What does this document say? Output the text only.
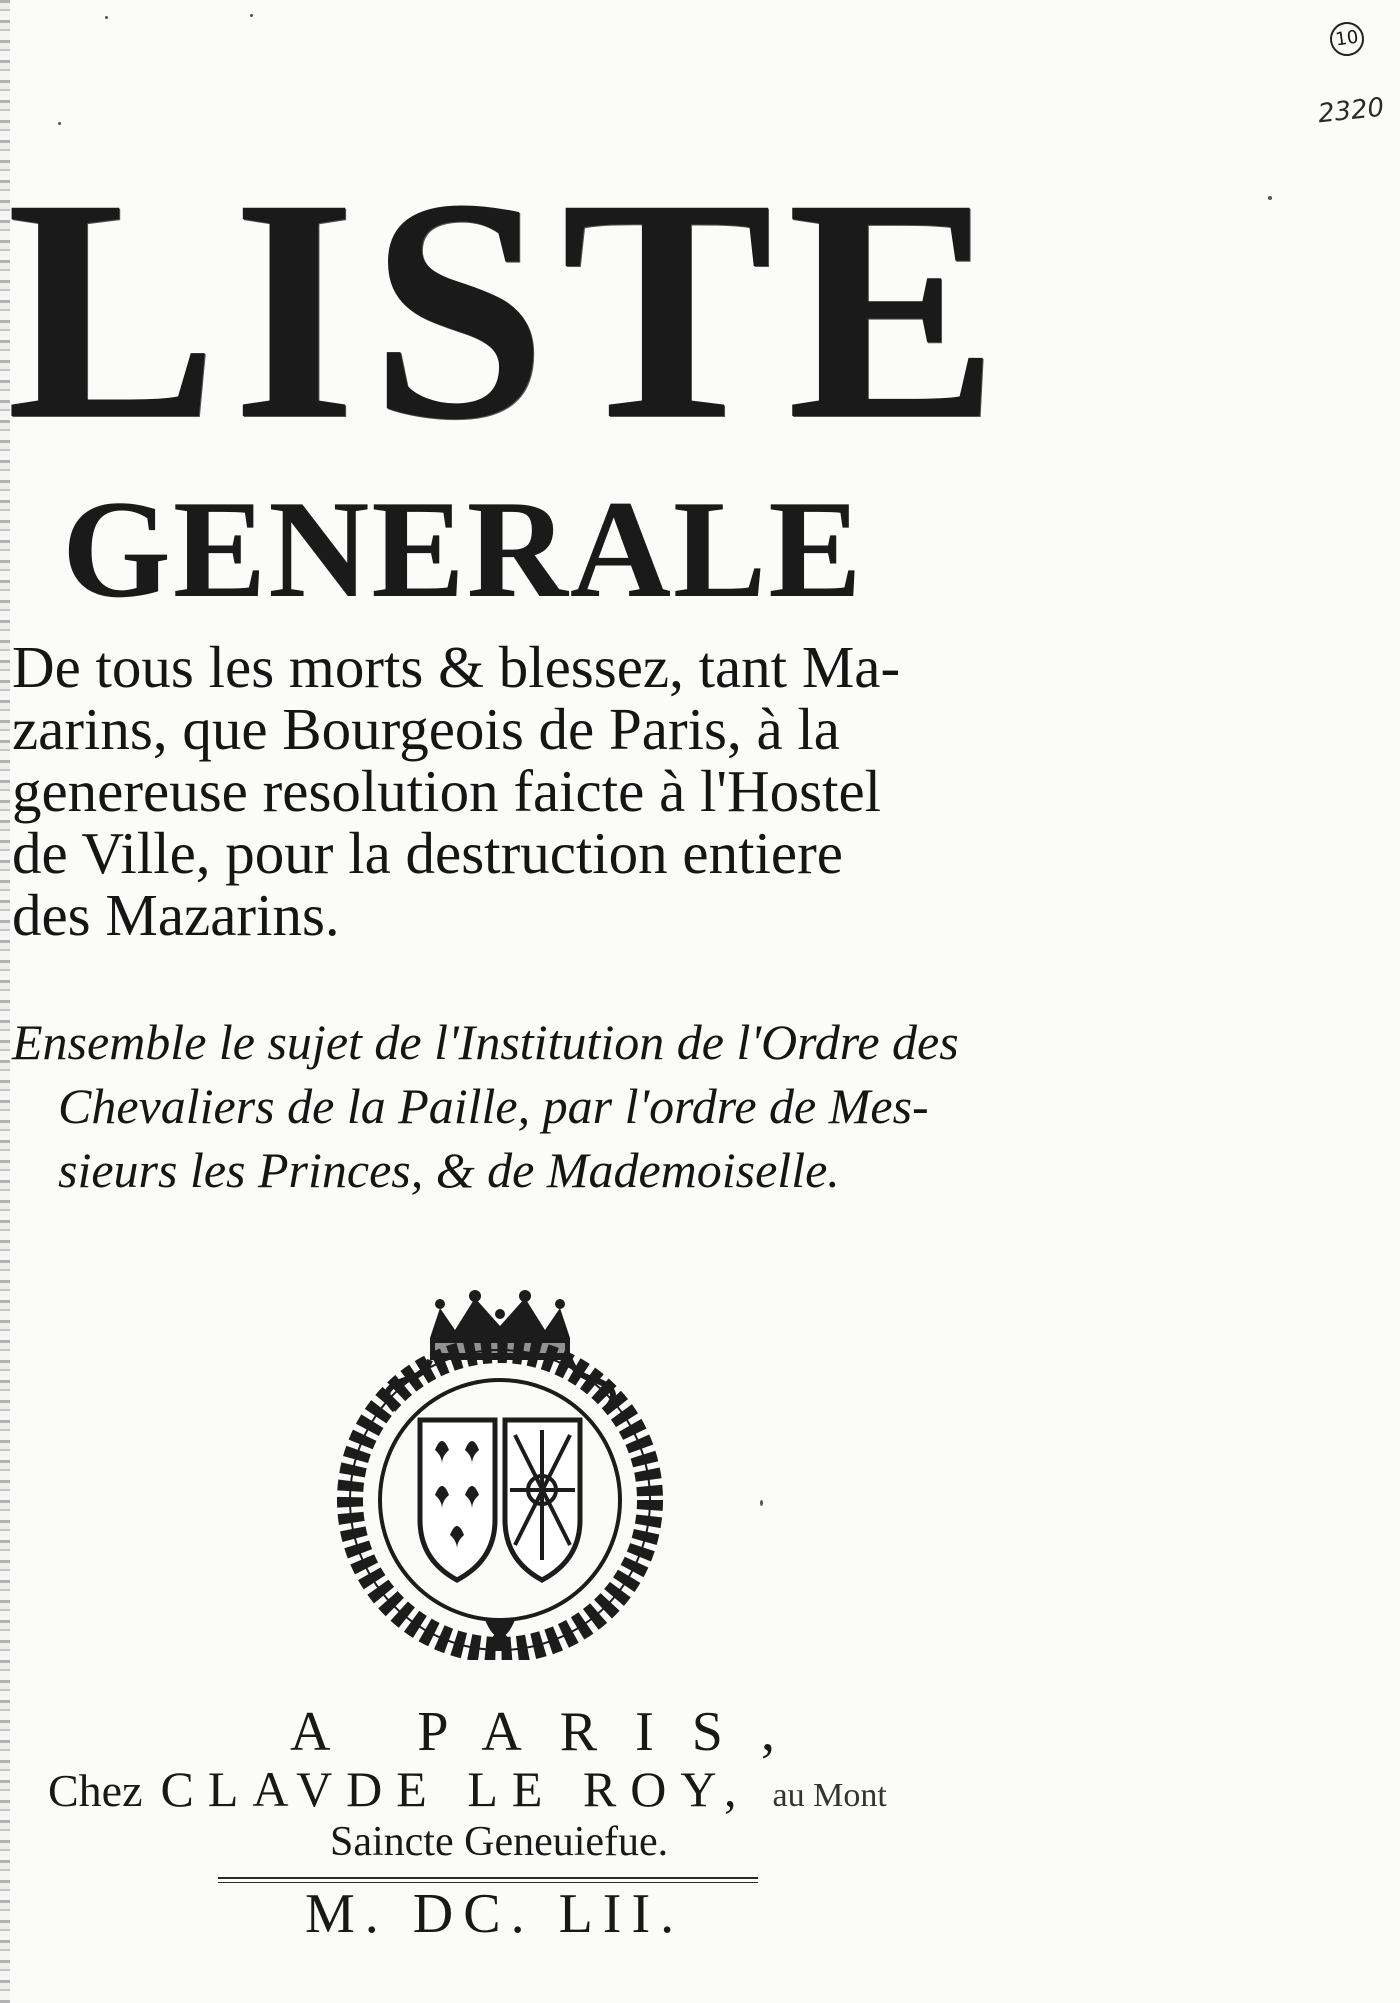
10
2320
LISTE
GENERALE
De tous les morts & blessez, tant Ma-
zarins, que Bourgeois de Paris, à la
genereuse resolution faicte à l'Hostel
de Ville, pour la destruction entiere
des Mazarins.
Ensemble le sujet de l'Institution de l'Ordre des
Chevaliers de la Paille, par l'ordre de Mes-
sieurs les Princes, & de Mademoiselle.
A PARIS,
Chez CLAVDE LE ROY, au Mont
Saincte Geneuiefue.
M. DC. LII.
